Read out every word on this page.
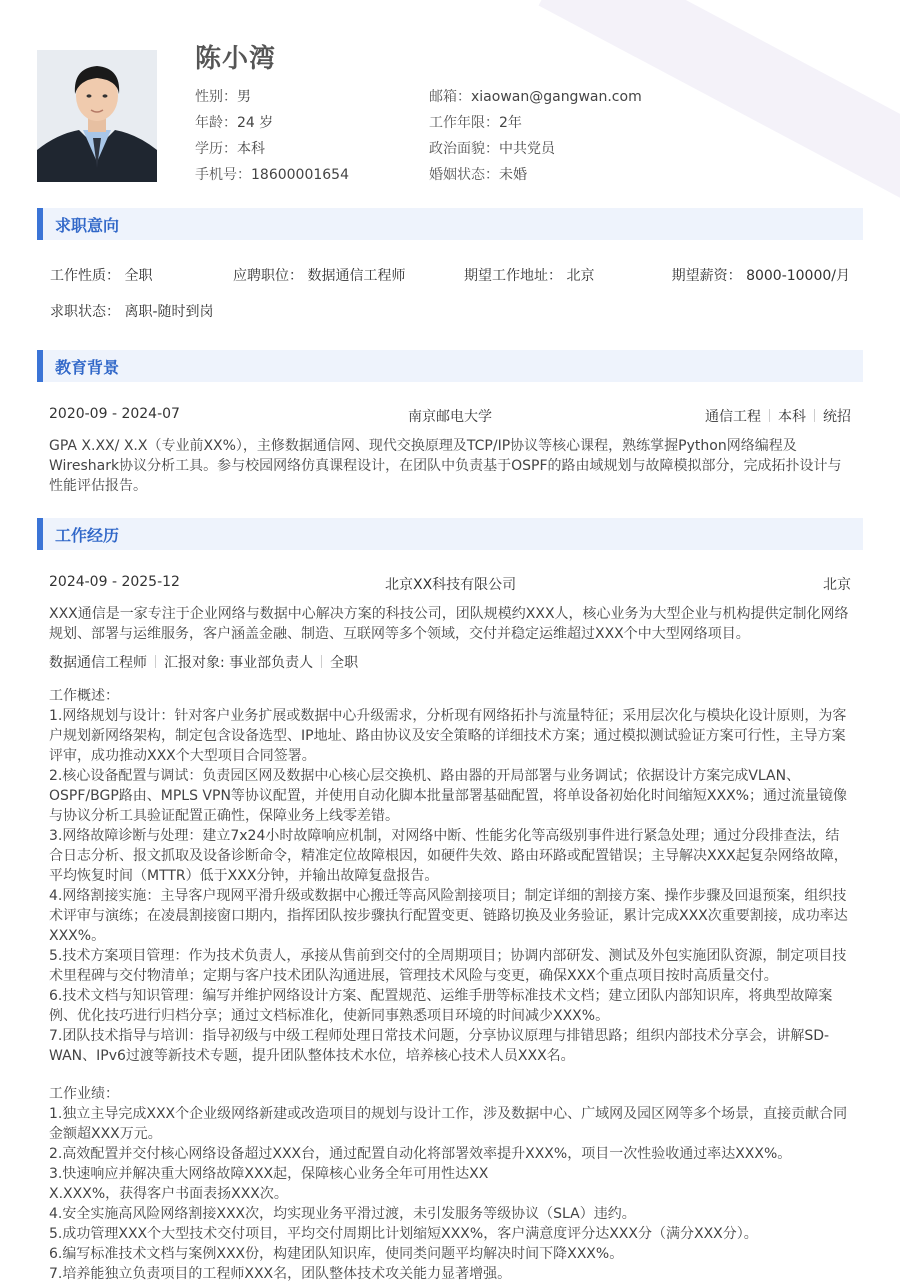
陈小湾
性别：男
年龄：24 岁
学历：本科
手机号：18600001654
邮箱：xiaowan@gangwan.com
工作年限：2年
政治面貌：中共党员
婚姻状态：未婚
求职意向
工作性质： 全职	应聘职位： 数据通信工程师	期望工作地址： 北京	期望薪资： 8000-10000/月
求职状态： 离职-随时到岗
教育背景
2020-09 - 2024-07	南京邮电大学	通信工程 本科 统招
GPA X.XX/ X.X（专业前XX%），主修数据通信网、现代交换原理及TCP/IP协议等核心课程，熟练掌握Python网络编程及Wireshark协议分析工具。参与校园网络仿真课程设计，在团队中负责基于OSPF的路由域规划与故障模拟部分，完成拓扑设计与性能评估报告。
工作经历
2024-09 - 2025-12	北京XX科技有限公司	北京
XXX通信是一家专注于企业网络与数据中心解决方案的科技公司，团队规模约XXX人，核心业务为大型企业与机构提供定制化网络规划、部署与运维服务，客户涵盖金融、制造、互联网等多个领域，交付并稳定运维超过XXX个中大型网络项目。
数据通信工程师 汇报对象: 事业部负责人 全职
工作概述：
1.网络规划与设计：针对客户业务扩展或数据中心升级需求，分析现有网络拓扑与流量特征；采用层次化与模块化设计原则，为客户规划新网络架构，制定包含设备选型、IP地址、路由协议及安全策略的详细技术方案；通过模拟测试验证方案可行性，主导方案评审，成功推动XXX个大型项目合同签署。
2.核心设备配置与调试：负责园区网及数据中心核心层交换机、路由器的开局部署与业务调试；依据设计方案完成VLAN、OSPF/BGP路由、MPLS VPN等协议配置，并使用自动化脚本批量部署基础配置，将单设备初始化时间缩短XXX%；通过流量镜像与协议分析工具验证配置正确性，保障业务上线零差错。
3.网络故障诊断与处理：建立7x24小时故障响应机制，对网络中断、性能劣化等高级别事件进行紧急处理；通过分段排查法，结合日志分析、报文抓取及设备诊断命令，精准定位故障根因，如硬件失效、路由环路或配置错误；主导解决XXX起复杂网络故障，平均恢复时间（MTTR）低于XXX分钟，并输出故障复盘报告。
4.网络割接实施：主导客户现网平滑升级或数据中心搬迁等高风险割接项目；制定详细的割接方案、操作步骤及回退预案，组织技术评审与演练；在凌晨割接窗口期内，指挥团队按步骤执行配置变更、链路切换及业务验证，累计完成XXX次重要割接，成功率达XXX%。
5.技术方案项目管理：作为技术负责人，承接从售前到交付的全周期项目；协调内部研发、测试及外包实施团队资源，制定项目技术里程碑与交付物清单；定期与客户技术团队沟通进展，管理技术风险与变更，确保XXX个重点项目按时高质量交付。
6.技术文档与知识管理：编写并维护网络设计方案、配置规范、运维手册等标准技术文档；建立团队内部知识库，将典型故障案例、优化技巧进行归档分享；通过文档标准化，使新同事熟悉项目环境的时间减少XXX%。
7.团队技术指导与培训：指导初级与中级工程师处理日常技术问题，分享协议原理与排错思路；组织内部技术分享会，讲解SD-WAN、IPv6过渡等新技术专题，提升团队整体技术水位，培养核心技术人员XXX名。
工作业绩：
1.独立主导完成XXX个企业级网络新建或改造项目的规划与设计工作，涉及数据中心、广域网及园区网等多个场景，直接贡献合同金额超XXX万元。
2.高效配置并交付核心网络设备超过XXX台，通过配置自动化将部署效率提升XXX%，项目一次性验收通过率达XXX%。
3.快速响应并解决重大网络故障XXX起，保障核心业务全年可用性达XX
X.XXX%，获得客户书面表扬XXX次。
4.安全实施高风险网络割接XXX次，均实现业务平滑过渡，未引发服务等级协议（SLA）违约。
5.成功管理XXX个大型技术交付项目，平均交付周期比计划缩短XXX%，客户满意度评分达XXX分（满分XXX分）。
6.编写标准技术文档与案例XXX份，构建团队知识库，使同类问题平均解决时间下降XXX%。
7.培养能独立负责项目的工程师XXX名，团队整体技术攻关能力显著增强。
